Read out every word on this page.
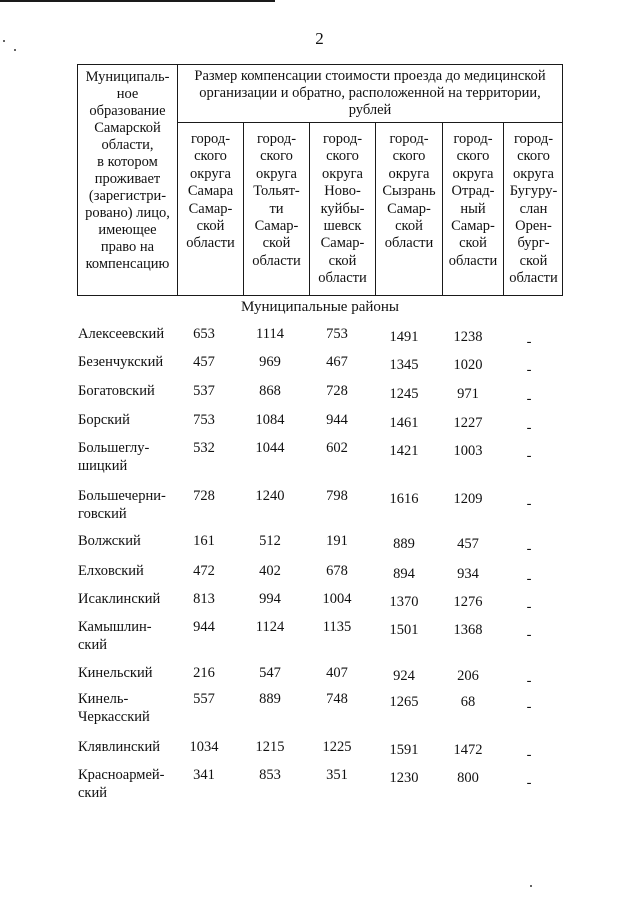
2
Муниципаль-
ное
образование
Самарской
области,
в котором
проживает
(зарегистри-
ровано) лицо,
имеющее
право на
компенсацию
Размер компенсации стоимости проезда до медицинской организации и обратно, расположенной на территории, рублей
город-
ского
округа
Самара
Самар-
ской
области
город-
ского
округа
Тольят-
ти
Самар-
ской
области
город-
ского
округа
Ново-
куйбы-
шевск
Самар-
ской
области
город-
ского
округа
Сызрань
Самар-
ской
области
город-
ского
округа
Отрад-
ный
Самар-
ской
области
город-
ского
округа
Бугуру-
слан
Орен-
бург-
ской
области
Муниципальные районы
Алексеевский	653	1114	753	1491	1238	-
Безенчукский	457	969	467	1345	1020	-
Богатовский	537	868	728	1245	971	-
Борский	753	1084	944	1461	1227	-
Большеглу-
шицкий
532	1044	602	1421	1003	-
Большечерни-
говский
728	1240	798	1616	1209	-
Волжский	161	512	191	889	457	-
Елховский	472	402	678	894	934	-
Исаклинский	813	994	1004	1370	1276	-
Камышлин-
ский
944	1124	1135	1501	1368	-
Кинельский	216	547	407	924	206	-
Кинель-
Черкасский
557	889	748	1265	68	-
Клявлинский	1034	1215	1225	1591	1472	-
Красноармей-
ский
341	853	351	1230	800	-
